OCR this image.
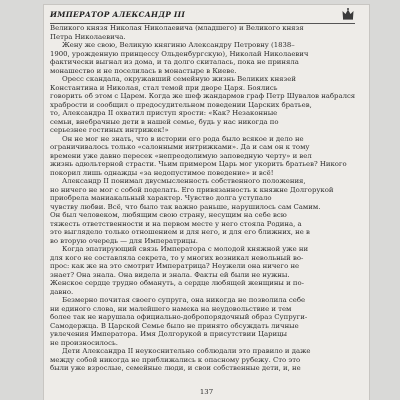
ИМПЕРАТОР АЛЕКСАНДР III
Великого князя Николая Николаевича (младшего) и Великого князя
Петра Николаевича.
Жену же свою, Великую княгиню Александру Петровну (1838–
1900, урожденную принцессу Ольденбургскую), Николай Николаевич
фактически выгнал из дома, и та долго скиталась, пока не приняла
монашество и не поселилась в монастыре в Киеве.
Оресс скандала, окружавший семейную жизнь Великих князей
Константина и Николая, стал темой при дворе Царя. Боялись
говорить об этом с Царем. Когда же шеф жандармов граф Петр Шувалов набрался
храбрости и сообщил о предосудительном поведении Царских братьев,
то, Александра II охватил приступ ярости: «Как? Незаконные
семьи, внебрачные дети в нашей семье, будь у нас никогда по
серьезнее гостиных интрижек!»
Он не мог не знать, что в истории его рода было всякое и дело не
ограничивалось только «салонными интрижками». Да и сам он к тому
времени уже давно пересек «непреодолимую заповедную черту» и вел
жизнь адюльтерной страсти. Чьим примером Царь мог укорить братьев? Никого
покорил лишь однажды «за недопустимое поведение» и всё!
Александр II понимал двусмысленность собственного положения,
но ничего не мог с собой поделать. Его привязанность к княжне Долгорукой
приобрела маниакальный характер. Чувство долга уступало
чувству любви. Всё, что было так важно раньше, нарушилось сам Самим.
Он был человеком, любящим свою страну, несущим на себе всю
тяжесть ответственности и на первом месте у него стояла Родина, а
это выглядело только отношением и для него, и для его ближних, не в
во вторую очередь — для Императрицы.
Когда эпатирующий связь Императора с молодой княжной уже ни
для кого не составляла секрета, то у многих возникал невольный во-
прос: как же на это смотрит Императрица? Неужели она ничего не
знает? Она знала. Она видела и знала. Факты ей были не нужны.
Женское сердце трудно обмануть, а сердце любящей женщины и по-
давно.
Безмерно почитая своего супруга, она никогда не позволила себе
ни единого слова, ни малейшего намека на неудовольствие и тем
более так не нарушала официально-добропорядочный образ Супруги-
Самодержца. В Царской Семье было не принято обсуждать личные
увлечения Императора. Имя Долгорукой в присутствии Царицы
не произносилось.
Дети Александра II неукоснительно соблюдали это правило и даже
между собой никогда не приближались к опасному рубежу. Сто это
были уже взрослые, семейные люди, и свои собственные дети, и, не
137
